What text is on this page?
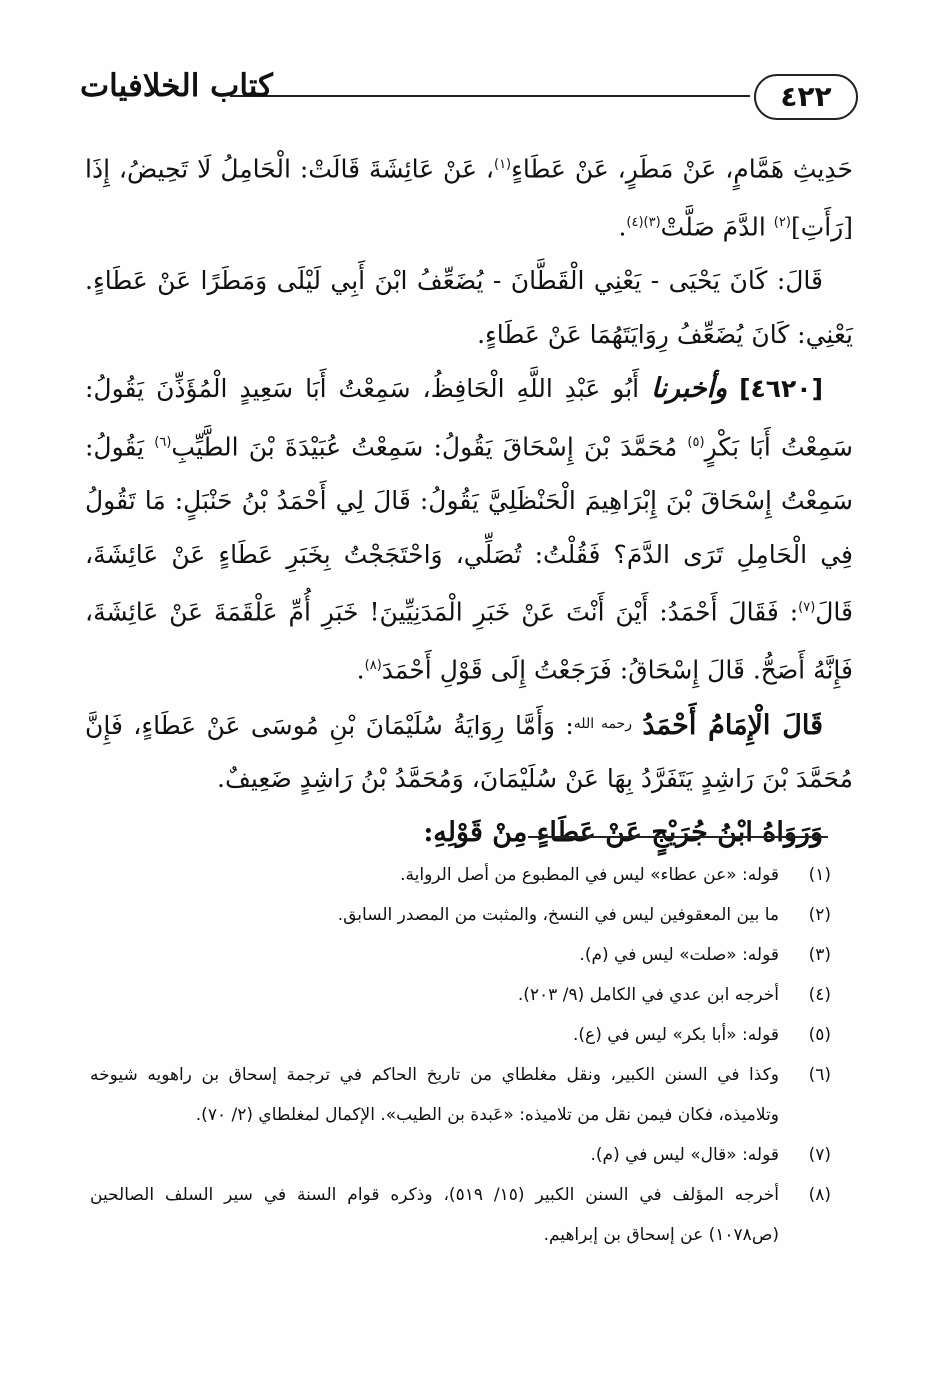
٤٢٢
كتاب الخلافيات

حَدِيثِ هَمَّامٍ، عَنْ مَطَرٍ، عَنْ عَطَاءٍ$^{(١)}$، عَنْ عَائِشَةَ قَالَتْ: الْحَامِلُ لَا تَحِيضُ، إِذَا [رَأَتِ]$^{(٢)}$ الدَّمَ صَلَّتْ$^{(٣)(٤)}$.

قَالَ: كَانَ يَحْيَى - يَعْنِي الْقَطَّانَ - يُضَعِّفُ ابْنَ أَبِي لَيْلَى وَمَطَرًا عَنْ عَطَاءٍ. يَعْنِي: كَانَ يُضَعِّفُ رِوَايَتَهُمَا عَنْ عَطَاءٍ.

[٤٦٢٠] وأخبرنا أَبُو عَبْدِ اللَّهِ الْحَافِظُ، سَمِعْتُ أَبَا سَعِيدٍ الْمُؤَذِّنَ يَقُولُ: سَمِعْتُ أَبَا بَكْرٍ$^{(٥)}$ مُحَمَّدَ بْنَ إِسْحَاقَ يَقُولُ: سَمِعْتُ عُبَيْدَةَ بْنَ الطَّيِّبِ$^{(٦)}$ يَقُولُ: سَمِعْتُ إِسْحَاقَ بْنَ إِبْرَاهِيمَ الْحَنْظَلِيَّ يَقُولُ: قَالَ لِي أَحْمَدُ بْنُ حَنْبَلٍ: مَا تَقُولُ فِي الْحَامِلِ تَرَى الدَّمَ؟ فَقُلْتُ: تُصَلِّي، وَاحْتَجَجْتُ بِخَبَرِ عَطَاءٍ عَنْ عَائِشَةَ، قَالَ$^{(٧)}$: فَقَالَ أَحْمَدُ: أَيْنَ أَنْتَ عَنْ خَبَرِ الْمَدَنِيِّينَ! خَبَرِ أُمِّ عَلْقَمَةَ عَنْ عَائِشَةَ، فَإِنَّهُ أَصَحُّ. قَالَ إِسْحَاقُ: فَرَجَعْتُ إِلَى قَوْلِ أَحْمَدَ$^{(٨)}$.

قَالَ الْإِمَامُ أَحْمَدُ $^{رحمه الله}$: وَأَمَّا رِوَايَةُ سُلَيْمَانَ بْنِ مُوسَى عَنْ عَطَاءٍ، فَإِنَّ مُحَمَّدَ بْنَ رَاشِدٍ يَتَفَرَّدُ بِهَا عَنْ سُلَيْمَانَ، وَمُحَمَّدُ بْنُ رَاشِدٍ ضَعِيفٌ.

وَرَوَاهُ ابْنُ جُرَيْجٍ عَنْ عَطَاءٍ مِنْ قَوْلِهِ:

(١)
قوله: «عن عطاء» ليس في المطبوع من أصل الرواية.
(٢)
ما بين المعقوفين ليس في النسخ، والمثبت من المصدر السابق.
(٣)
قوله: «صلت» ليس في (م).
(٤)
أخرجه ابن عدي في الكامل (٩/ ٢٠٣).
(٥)
قوله: «أبا بكر» ليس في (ع).
(٦)
وكذا في السنن الكبير، ونقل مغلطاي من تاريخ الحاكم في ترجمة إسحاق بن راهويه شيوخه وتلاميذه، فكان فيمن نقل من تلاميذه: «عَبدة بن الطيب». الإكمال لمغلطاي (٢/ ٧٠).
(٧)
قوله: «قال» ليس في (م).
(٨)
أخرجه المؤلف في السنن الكبير (١٥/ ٥١٩)، وذكره قوام السنة في سير السلف الصالحين (ص١٠٧٨) عن إسحاق بن إبراهيم.
